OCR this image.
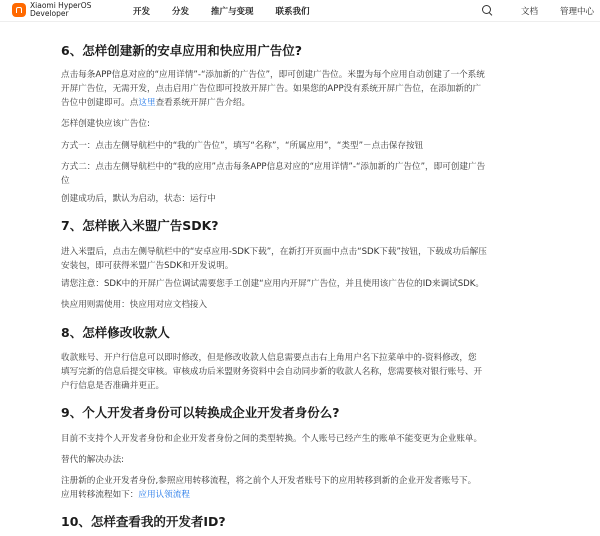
Xiaomi HyperOS
Developer	开发	分发	推广与变现	联系我们	文档	管理中心
6、怎样创建新的安卓应用和快应用广告位?
点击每条APP信息对应的“应用详情”-“添加新的广告位”，即可创建广告位。米盟为每个应用自动创建了一个系统
开屏广告位，无需开发，点击启用广告位即可投放开屏广告。如果您的APP没有系统开屏广告位，在添加新的广
告位中创建即可。点这里查看系统开屏广告介绍。
怎样创建快应该广告位:
方式一：点击左侧导航栏中的“我的广告位”，填写“名称”，“所属应用”，“类型”－点击保存按钮
方式二：点击左侧导航栏中的“我的应用”点击每条APP信息对应的“应用详情”-“添加新的广告位”，即可创建广告
位
创建成功后，默认为启动，状态：运行中
7、怎样嵌入米盟广告SDK?
进入米盟后，点击左侧导航栏中的“安卓应用-SDK下载”，在新打开页面中点击“SDK下载”按钮，下载成功后解压
安装包，即可获得米盟广告SDK和开发说明。
请您注意：SDK中的开屏广告位调试需要您手工创建“应用内开屏”广告位，并且使用该广告位的ID来调试SDK。
快应用则需使用：快应用对应文档接入
8、怎样修改收款人
收款账号、开户行信息可以即时修改，但是修改收款人信息需要点击右上角用户名下拉菜单中的-资料修改，您
填写完新的信息后提交审核。审核成功后米盟财务资料中会自动同步新的收款人名称，您需要核对银行账号、开
户行信息是否准确并更正。
9、个人开发者身份可以转换成企业开发者身份么?
目前不支持个人开发者身份和企业开发者身份之间的类型转换。个人账号已经产生的账单不能变更为企业账单。
替代的解决办法:
注册新的企业开发者身份,参照应用转移流程，将之前个人开发者账号下的应用转移到新的企业开发者账号下。
应用转移流程如下：应用认领流程
10、怎样查看我的开发者ID?
